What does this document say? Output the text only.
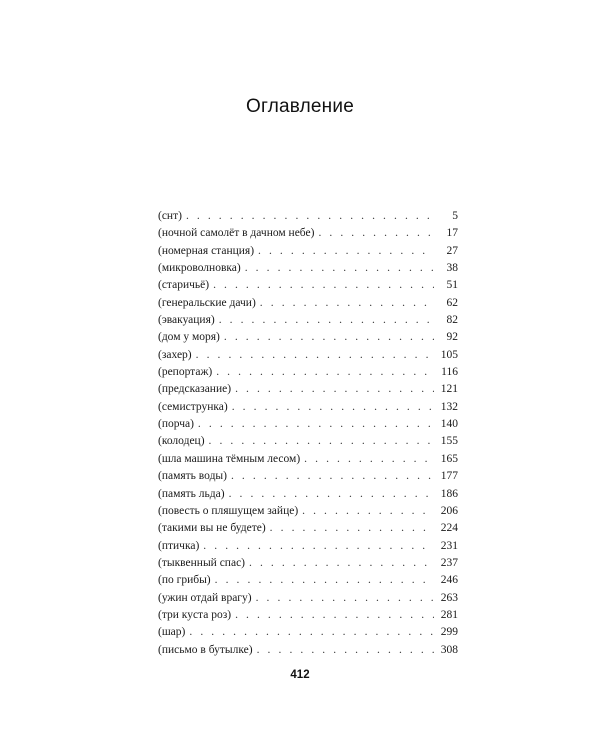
Оглавление
(снт) . . .	5
(ночной самолёт в дачном небе) . . .	17
(номерная станция) . . .	27
(микроволновка) . . .	38
(старичьё) . . .	51
(генеральские дачи) . . .	62
(эвакуация) . . .	82
(дом у моря) . . .	92
(захер) . . .	105
(репортаж) . . .	116
(предсказание) . . .	121
(семиструнка) . . .	132
(порча) . . .	140
(колодец) . . .	155
(шла машина тёмным лесом) . . .	165
(память воды) . . .	177
(память льда) . . .	186
(повесть о пляшущем зайце) . . .	206
(такими вы не будете) . . .	224
(птичка) . . .	231
(тыквенный спас) . . .	237
(по грибы) . . .	246
(ужин отдай врагу) . . .	263
(три куста роз) . . .	281
(шар) . . .	299
(письмо в бутылке) . . .	308
412
